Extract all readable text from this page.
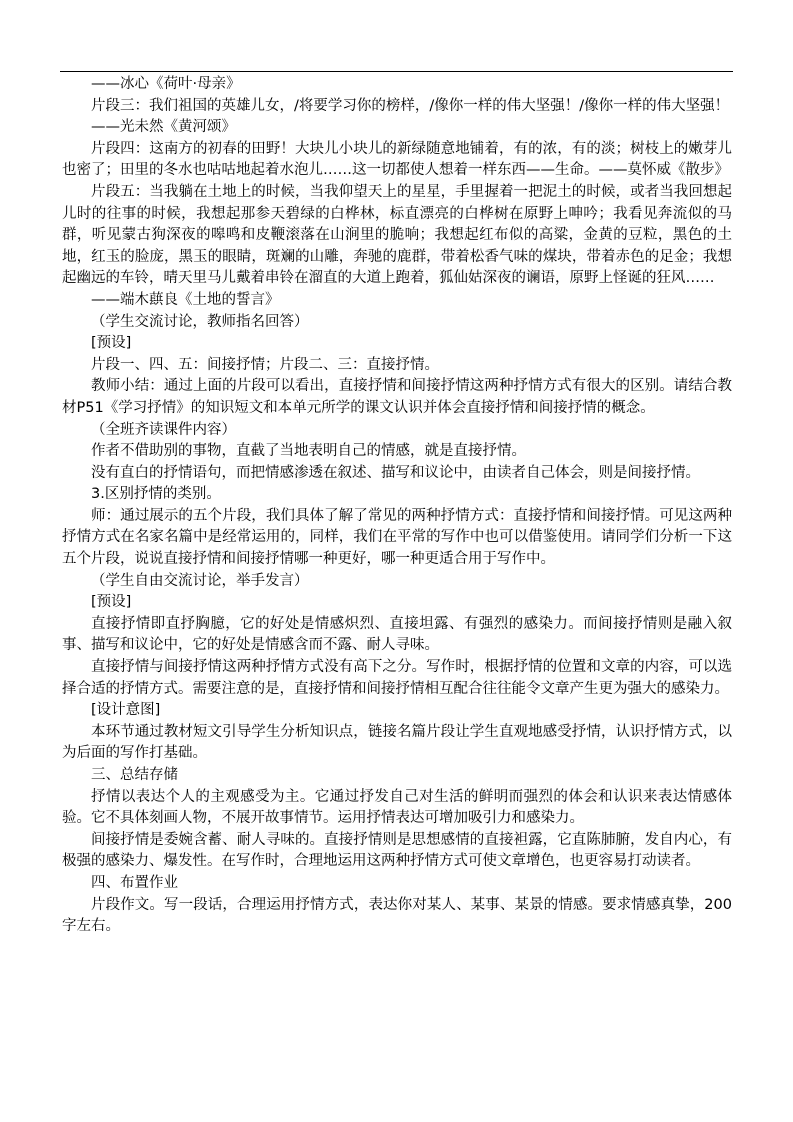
——冰心《荷叶·母亲》

片段三：我们祖国的英雄儿女，/将要学习你的榜样，/像你一样的伟大坚强！/像你一样的伟大坚强！

——光未然《黄河颂》

片段四：这南方的初春的田野！大块儿小块儿的新绿随意地铺着，有的浓，有的淡；树枝上的嫩芽儿也密了；田里的冬水也咕咕地起着水泡儿……这一切都使人想着一样东西——生命。——莫怀威《散步》

片段五：当我躺在土地上的时候，当我仰望天上的星星，手里握着一把泥土的时候，或者当我回想起儿时的往事的时候，我想起那参天碧绿的白桦林，标直漂亮的白桦树在原野上呻吟；我看见奔流似的马群，听见蒙古狗深夜的嗥鸣和皮鞭滚落在山涧里的脆响；我想起红布似的高粱，金黄的豆粒，黑色的土地，红玉的脸庞，黑玉的眼睛，斑斓的山雕，奔驰的鹿群，带着松香气味的煤块，带着赤色的足金；我想起幽远的车铃，晴天里马儿戴着串铃在溜直的大道上跑着，狐仙姑深夜的谰语，原野上怪诞的狂风……

——端木蕻良《土地的誓言》

（学生交流讨论，教师指名回答）

[预设]

片段一、四、五：间接抒情；片段二、三：直接抒情。

教师小结：通过上面的片段可以看出，直接抒情和间接抒情这两种抒情方式有很大的区别。请结合教材P51《学习抒情》的知识短文和本单元所学的课文认识并体会直接抒情和间接抒情的概念。

（全班齐读课件内容）

作者不借助别的事物，直截了当地表明自己的情感，就是直接抒情。

没有直白的抒情语句，而把情感渗透在叙述、描写和议论中，由读者自己体会，则是间接抒情。

3.区别抒情的类别。

师：通过展示的五个片段，我们具体了解了常见的两种抒情方式：直接抒情和间接抒情。可见这两种抒情方式在名家名篇中是经常运用的，同样，我们在平常的写作中也可以借鉴使用。请同学们分析一下这五个片段，说说直接抒情和间接抒情哪一种更好，哪一种更适合用于写作中。

（学生自由交流讨论，举手发言）

[预设]

直接抒情即直抒胸臆，它的好处是情感炽烈、直接坦露、有强烈的感染力。而间接抒情则是融入叙事、描写和议论中，它的好处是情感含而不露、耐人寻味。

直接抒情与间接抒情这两种抒情方式没有高下之分。写作时，根据抒情的位置和文章的内容，可以选择合适的抒情方式。需要注意的是，直接抒情和间接抒情相互配合往往能令文章产生更为强大的感染力。

[设计意图]

本环节通过教材短文引导学生分析知识点，链接名篇片段让学生直观地感受抒情，认识抒情方式，以为后面的写作打基础。

三、总结存储

抒情以表达个人的主观感受为主。它通过抒发自己对生活的鲜明而强烈的体会和认识来表达情感体验。它不具体刻画人物，不展开故事情节。运用抒情表达可增加吸引力和感染力。

间接抒情是委婉含蓄、耐人寻味的。直接抒情则是思想感情的直接袒露，它直陈肺腑，发自内心，有极强的感染力、爆发性。在写作时，合理地运用这两种抒情方式可使文章增色，也更容易打动读者。

四、布置作业

片段作文。写一段话，合理运用抒情方式，表达你对某人、某事、某景的情感。要求情感真挚，200字左右。
